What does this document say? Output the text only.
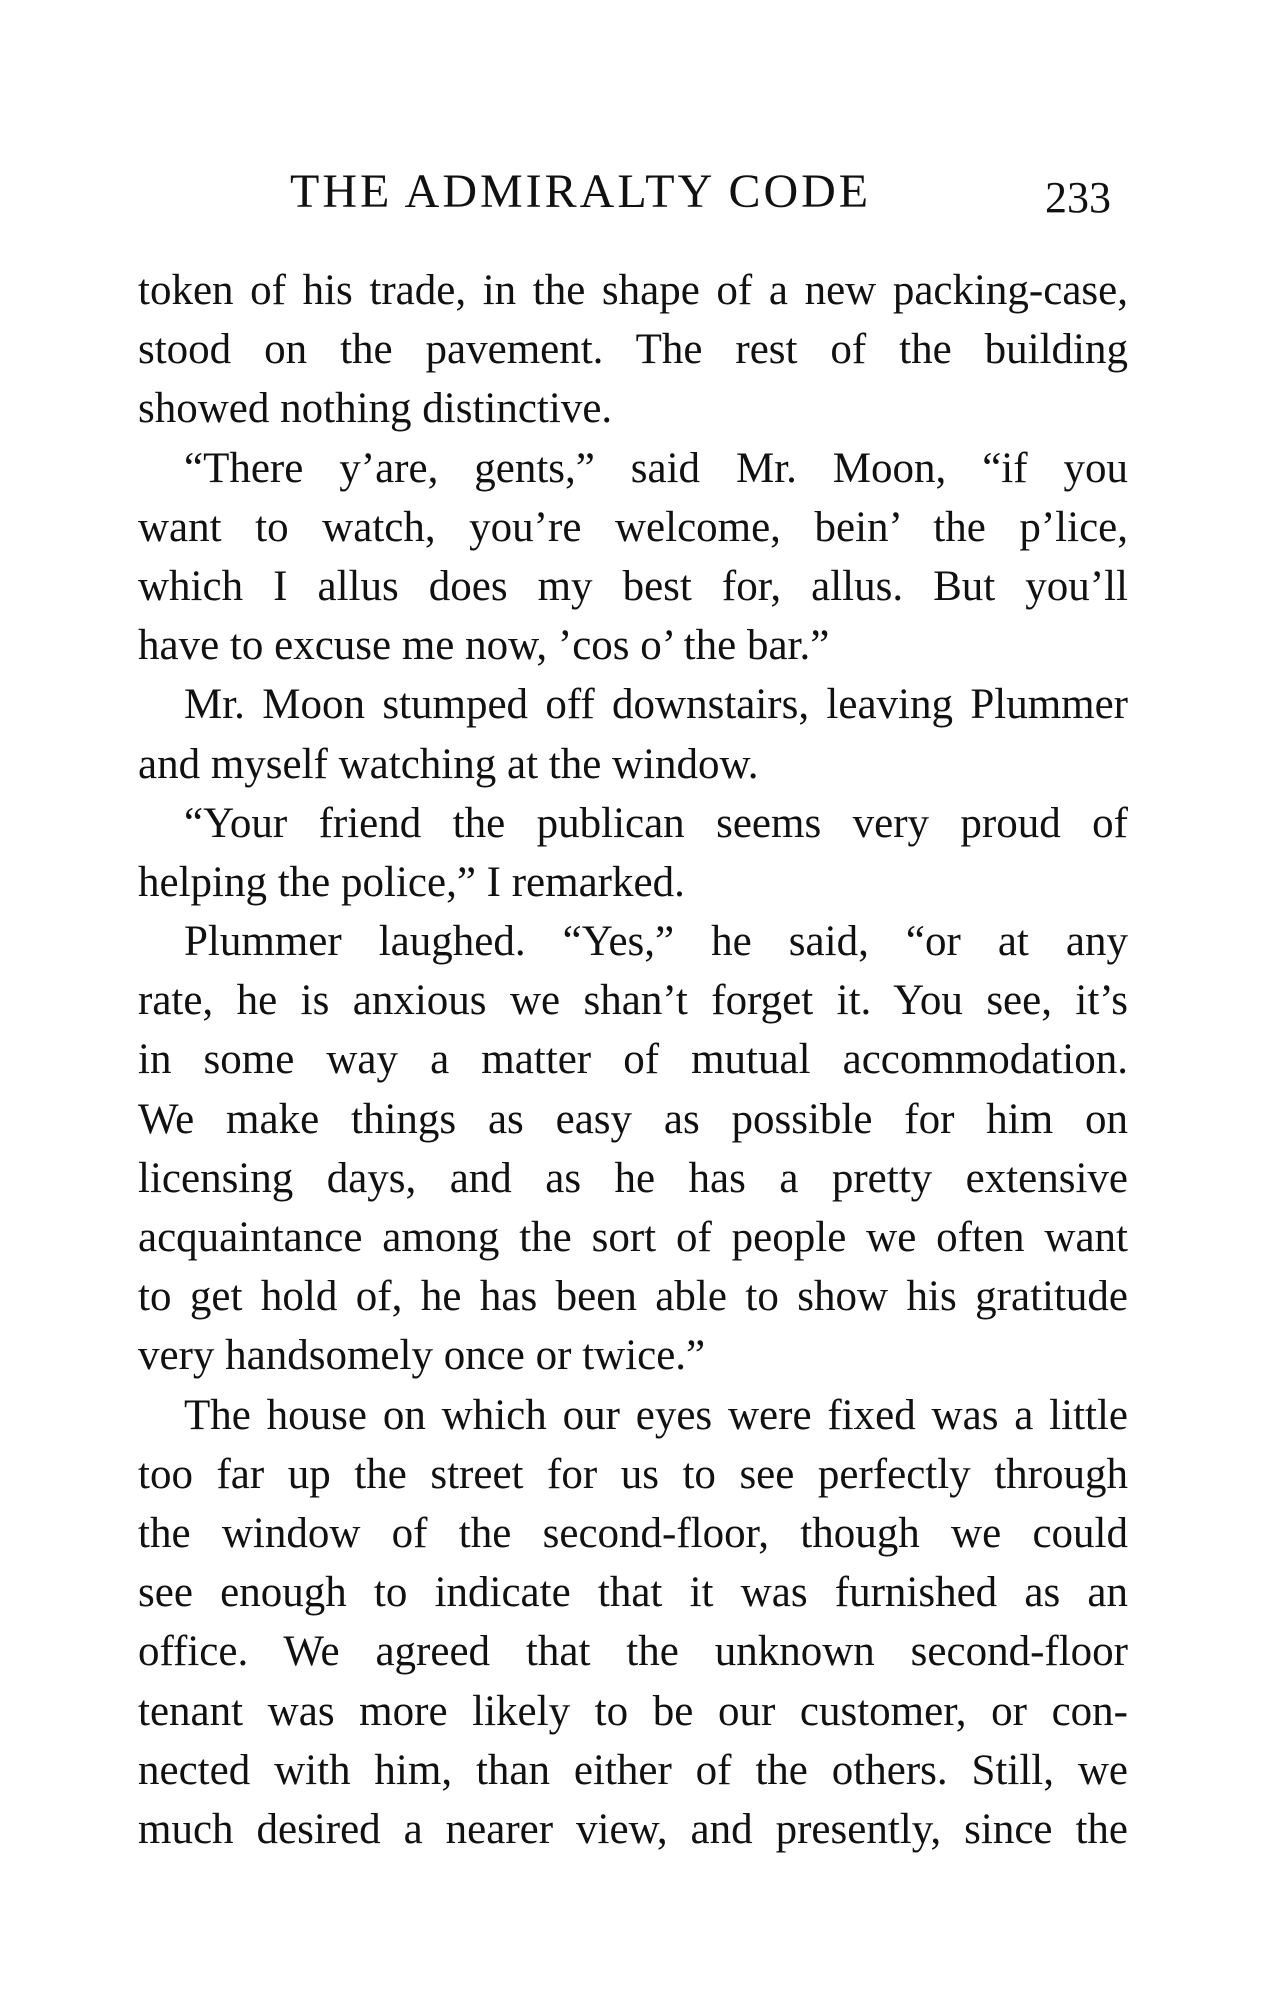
THE ADMIRALTY CODE	233
token of his trade, in the shape of a new packing-case,
stood on the pavement. The rest of the building
showed nothing distinctive.
“There y’are, gents,” said Mr. Moon, “if you
want to watch, you’re welcome, bein’ the p’lice,
which I allus does my best for, allus. But you’ll
have to excuse me now, ’cos o’ the bar.”
Mr. Moon stumped off downstairs, leaving Plummer
and myself watching at the window.
“Your friend the publican seems very proud of
helping the police,” I remarked.
Plummer laughed. “Yes,” he said, “or at any
rate, he is anxious we shan’t forget it. You see, it’s
in some way a matter of mutual accommodation.
We make things as easy as possible for him on
licensing days, and as he has a pretty extensive
acquaintance among the sort of people we often want
to get hold of, he has been able to show his gratitude
very handsomely once or twice.”
The house on which our eyes were fixed was a little
too far up the street for us to see perfectly through
the window of the second-floor, though we could
see enough to indicate that it was furnished as an
office. We agreed that the unknown second-floor
tenant was more likely to be our customer, or con-
nected with him, than either of the others. Still, we
much desired a nearer view, and presently, since the
